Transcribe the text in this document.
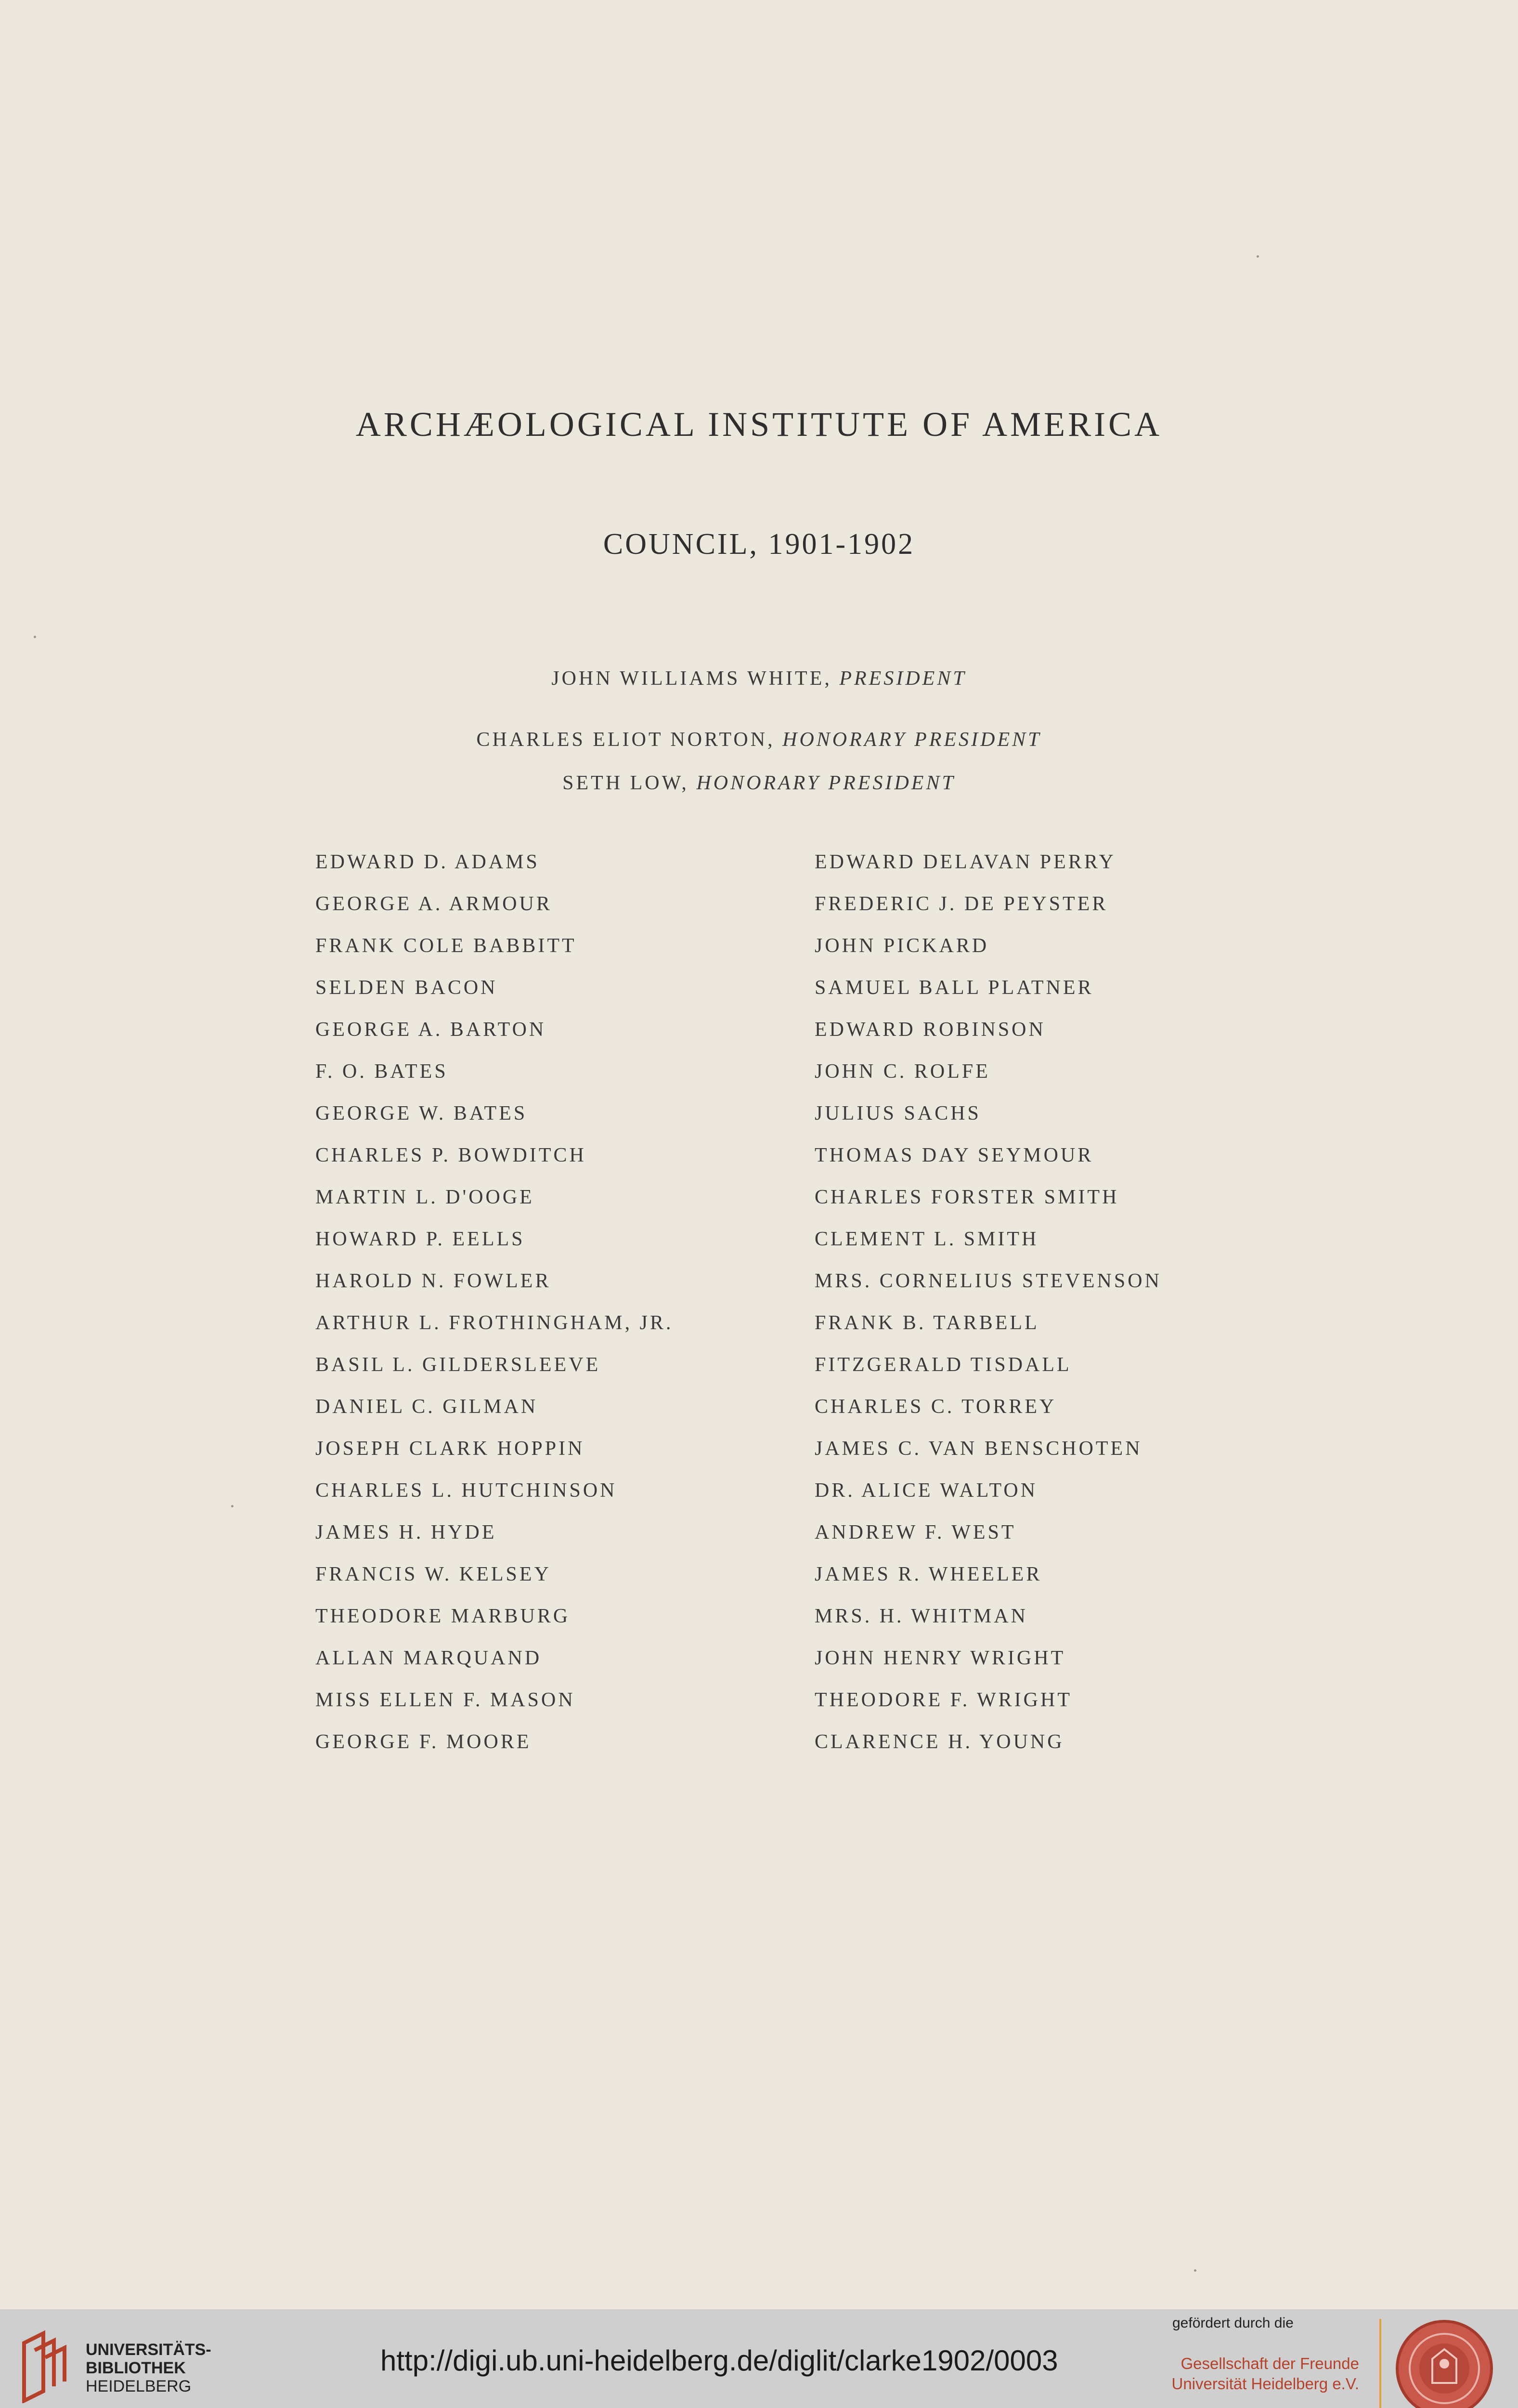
ARCHÆOLOGICAL INSTITUTE OF AMERICA
COUNCIL, 1901-1902
JOHN WILLIAMS WHITE, PRESIDENT
CHARLES ELIOT NORTON, HONORARY PRESIDENT
SETH LOW, HONORARY PRESIDENT
EDWARD D. ADAMS
GEORGE A. ARMOUR
FRANK COLE BABBITT
SELDEN BACON
GEORGE A. BARTON
F. O. BATES
GEORGE W. BATES
CHARLES P. BOWDITCH
MARTIN L. D'OOGE
HOWARD P. EELLS
HAROLD N. FOWLER
ARTHUR L. FROTHINGHAM, JR.
BASIL L. GILDERSLEEVE
DANIEL C. GILMAN
JOSEPH CLARK HOPPIN
CHARLES L. HUTCHINSON
JAMES H. HYDE
FRANCIS W. KELSEY
THEODORE MARBURG
ALLAN MARQUAND
MISS ELLEN F. MASON
GEORGE F. MOORE
EDWARD DELAVAN PERRY
FREDERIC J. DE PEYSTER
JOHN PICKARD
SAMUEL BALL PLATNER
EDWARD ROBINSON
JOHN C. ROLFE
JULIUS SACHS
THOMAS DAY SEYMOUR
CHARLES FORSTER SMITH
CLEMENT L. SMITH
MRS. CORNELIUS STEVENSON
FRANK B. TARBELL
FITZGERALD TISDALL
CHARLES C. TORREY
JAMES C. VAN BENSCHOTEN
DR. ALICE WALTON
ANDREW F. WEST
JAMES R. WHEELER
MRS. H. WHITMAN
JOHN HENRY WRIGHT
THEODORE F. WRIGHT
CLARENCE H. YOUNG
UNIVERSITÄTS-
BIBLIOTHEK
HEIDELBERG
http://digi.ub.uni-heidelberg.de/diglit/clarke1902/0003
gefördert durch die
Gesellschaft der Freunde
Universität Heidelberg e.V.
